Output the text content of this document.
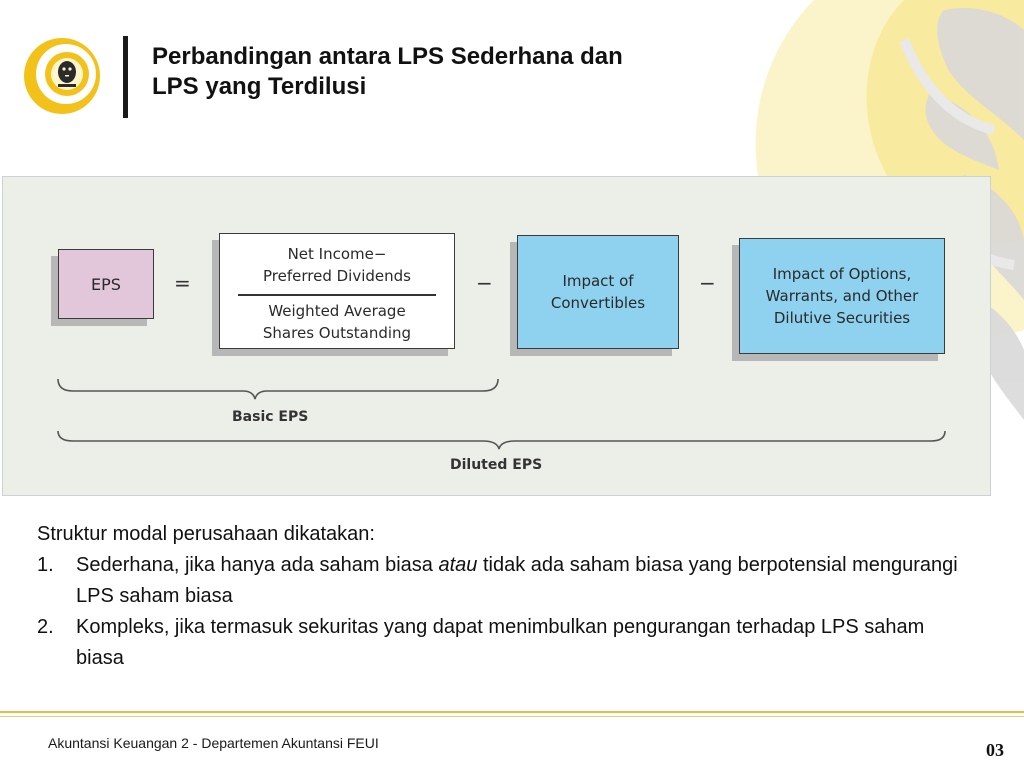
Perbandingan antara LPS Sederhana dan
LPS yang Terdilusi
EPS	=
Net Income−
Preferred Dividends
Weighted Average
Shares Outstanding
−	Impact of
Convertibles
−	Impact of Options,
Warrants, and Other
Dilutive Securities
Basic EPS
Diluted EPS
Struktur modal perusahaan dikatakan:
1. Sederhana, jika hanya ada saham biasa atau tidak ada saham biasa yang berpotensial mengurangi LPS saham biasa
2. Kompleks, jika termasuk sekuritas yang dapat menimbulkan pengurangan terhadap LPS saham biasa
Akuntansi Keuangan 2 - Departemen Akuntansi FEUI	03
